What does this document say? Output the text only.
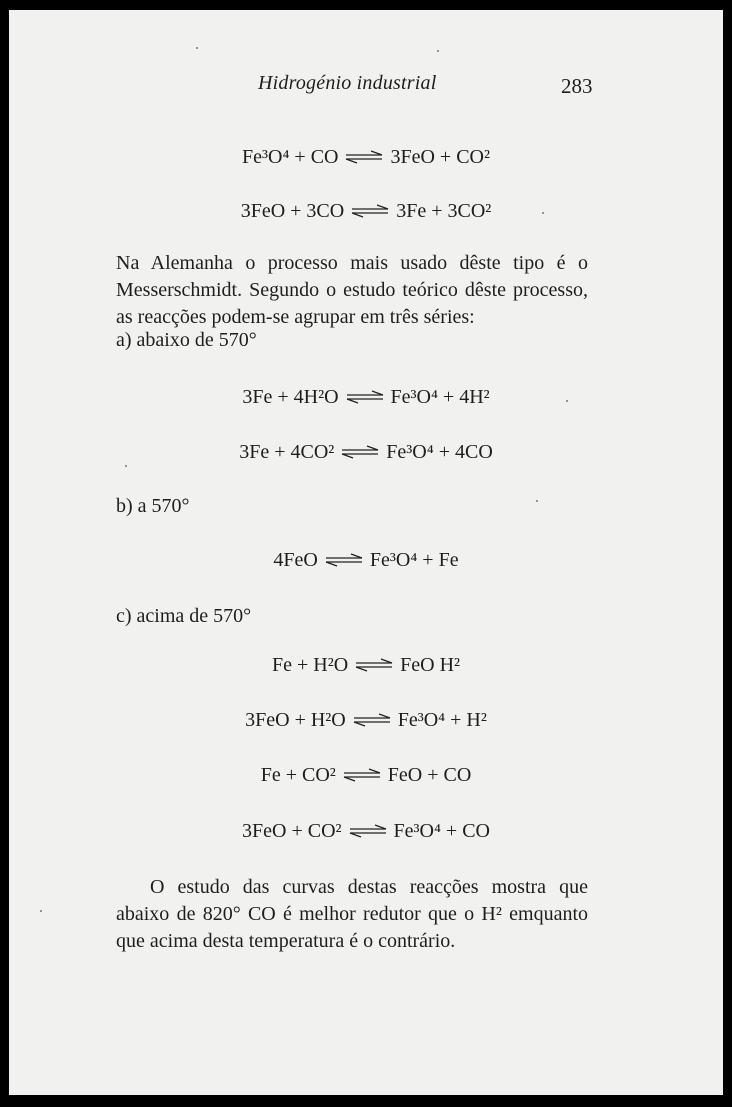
Hidrogénio industrial	283
Fe³O⁴ + CO ⇌ 3FeO + CO²
3FeO + 3CO ⇌ 3Fe + 3CO²
Na Alemanha o processo mais usado dêste tipo é o Messerschmidt. Segundo o estudo teórico dêste processo, as reacções podem-se agrupar em três séries:
a) abaixo de 570°
3Fe + 4H²O ⇌ Fe³O⁴ + 4H²
3Fe + 4CO² ⇌ Fe³O⁴ + 4CO
b) a 570°
4FeO ⇌ Fe³O⁴ + Fe
c) acima de 570°
Fe + H²O ⇌ FeO H²
3FeO + H²O ⇌ Fe³O⁴ + H²
Fe + CO² ⇌ FeO + CO
3FeO + CO² ⇌ Fe³O⁴ + CO
O estudo das curvas destas reacções mostra que abaixo de 820° CO é melhor redutor que o H² emquanto que acima desta temperatura é o contrário.
